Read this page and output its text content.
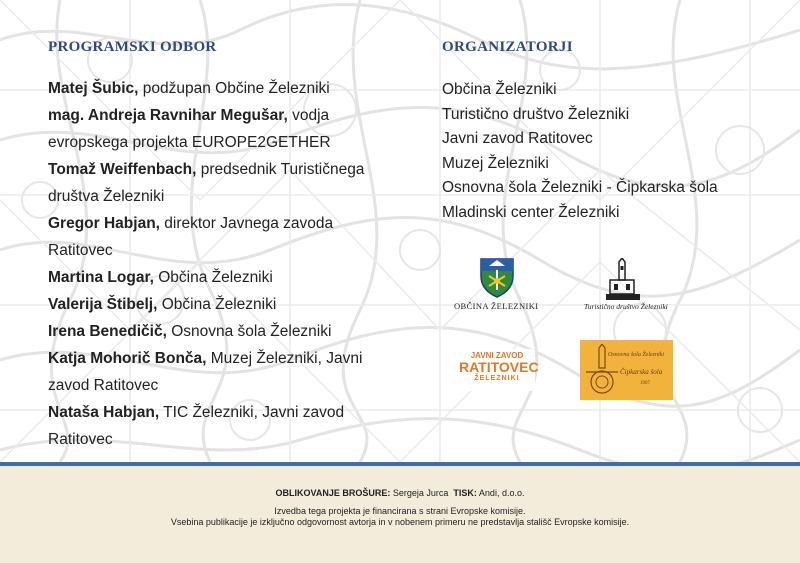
PROGRAMSKI ODBOR
Matej Šubic, podžupan Občine Železniki
mag. Andreja Ravnihar Megušar, vodja
evropskega projekta EUROPE2GETHER
Tomaž Weiffenbach, predsednik Turističnega
društva Železniki
Gregor Habjan, direktor Javnega zavoda
Ratitovec
Martina Logar, Občina Železniki
Valerija Štibelj, Občina Železniki
Irena Benedičič, Osnovna šola Železniki
Katja Mohorič Bonča, Muzej Železniki, Javni
zavod Ratitovec
Nataša Habjan, TIC Železniki, Javni zavod
Ratitovec
ORGANIZATORJI
Občina Železniki
Turistično društvo Železniki
Javni zavod Ratitovec
Muzej Železniki
Osnovna šola Železniki - Čipkarska šola
Mladinski center Železniki
OBČINA ŽELEZNIKI	Turistično društvo Železniki
JAVNI ZAVOD
RATITOVEC
ŽELEZNIKI
Osnovna šola Železniki
Čipkarska šola
1907
OBLIKOVANJE BROŠURE: Sergeja Jurca TISK: Andi, d.o.o.
Izvedba tega projekta je financirana s strani Evropske komisije.
Vsebina publikacije je izključno odgovornost avtorja in v nobenem primeru ne predstavlja stališč Evropske komisije.
